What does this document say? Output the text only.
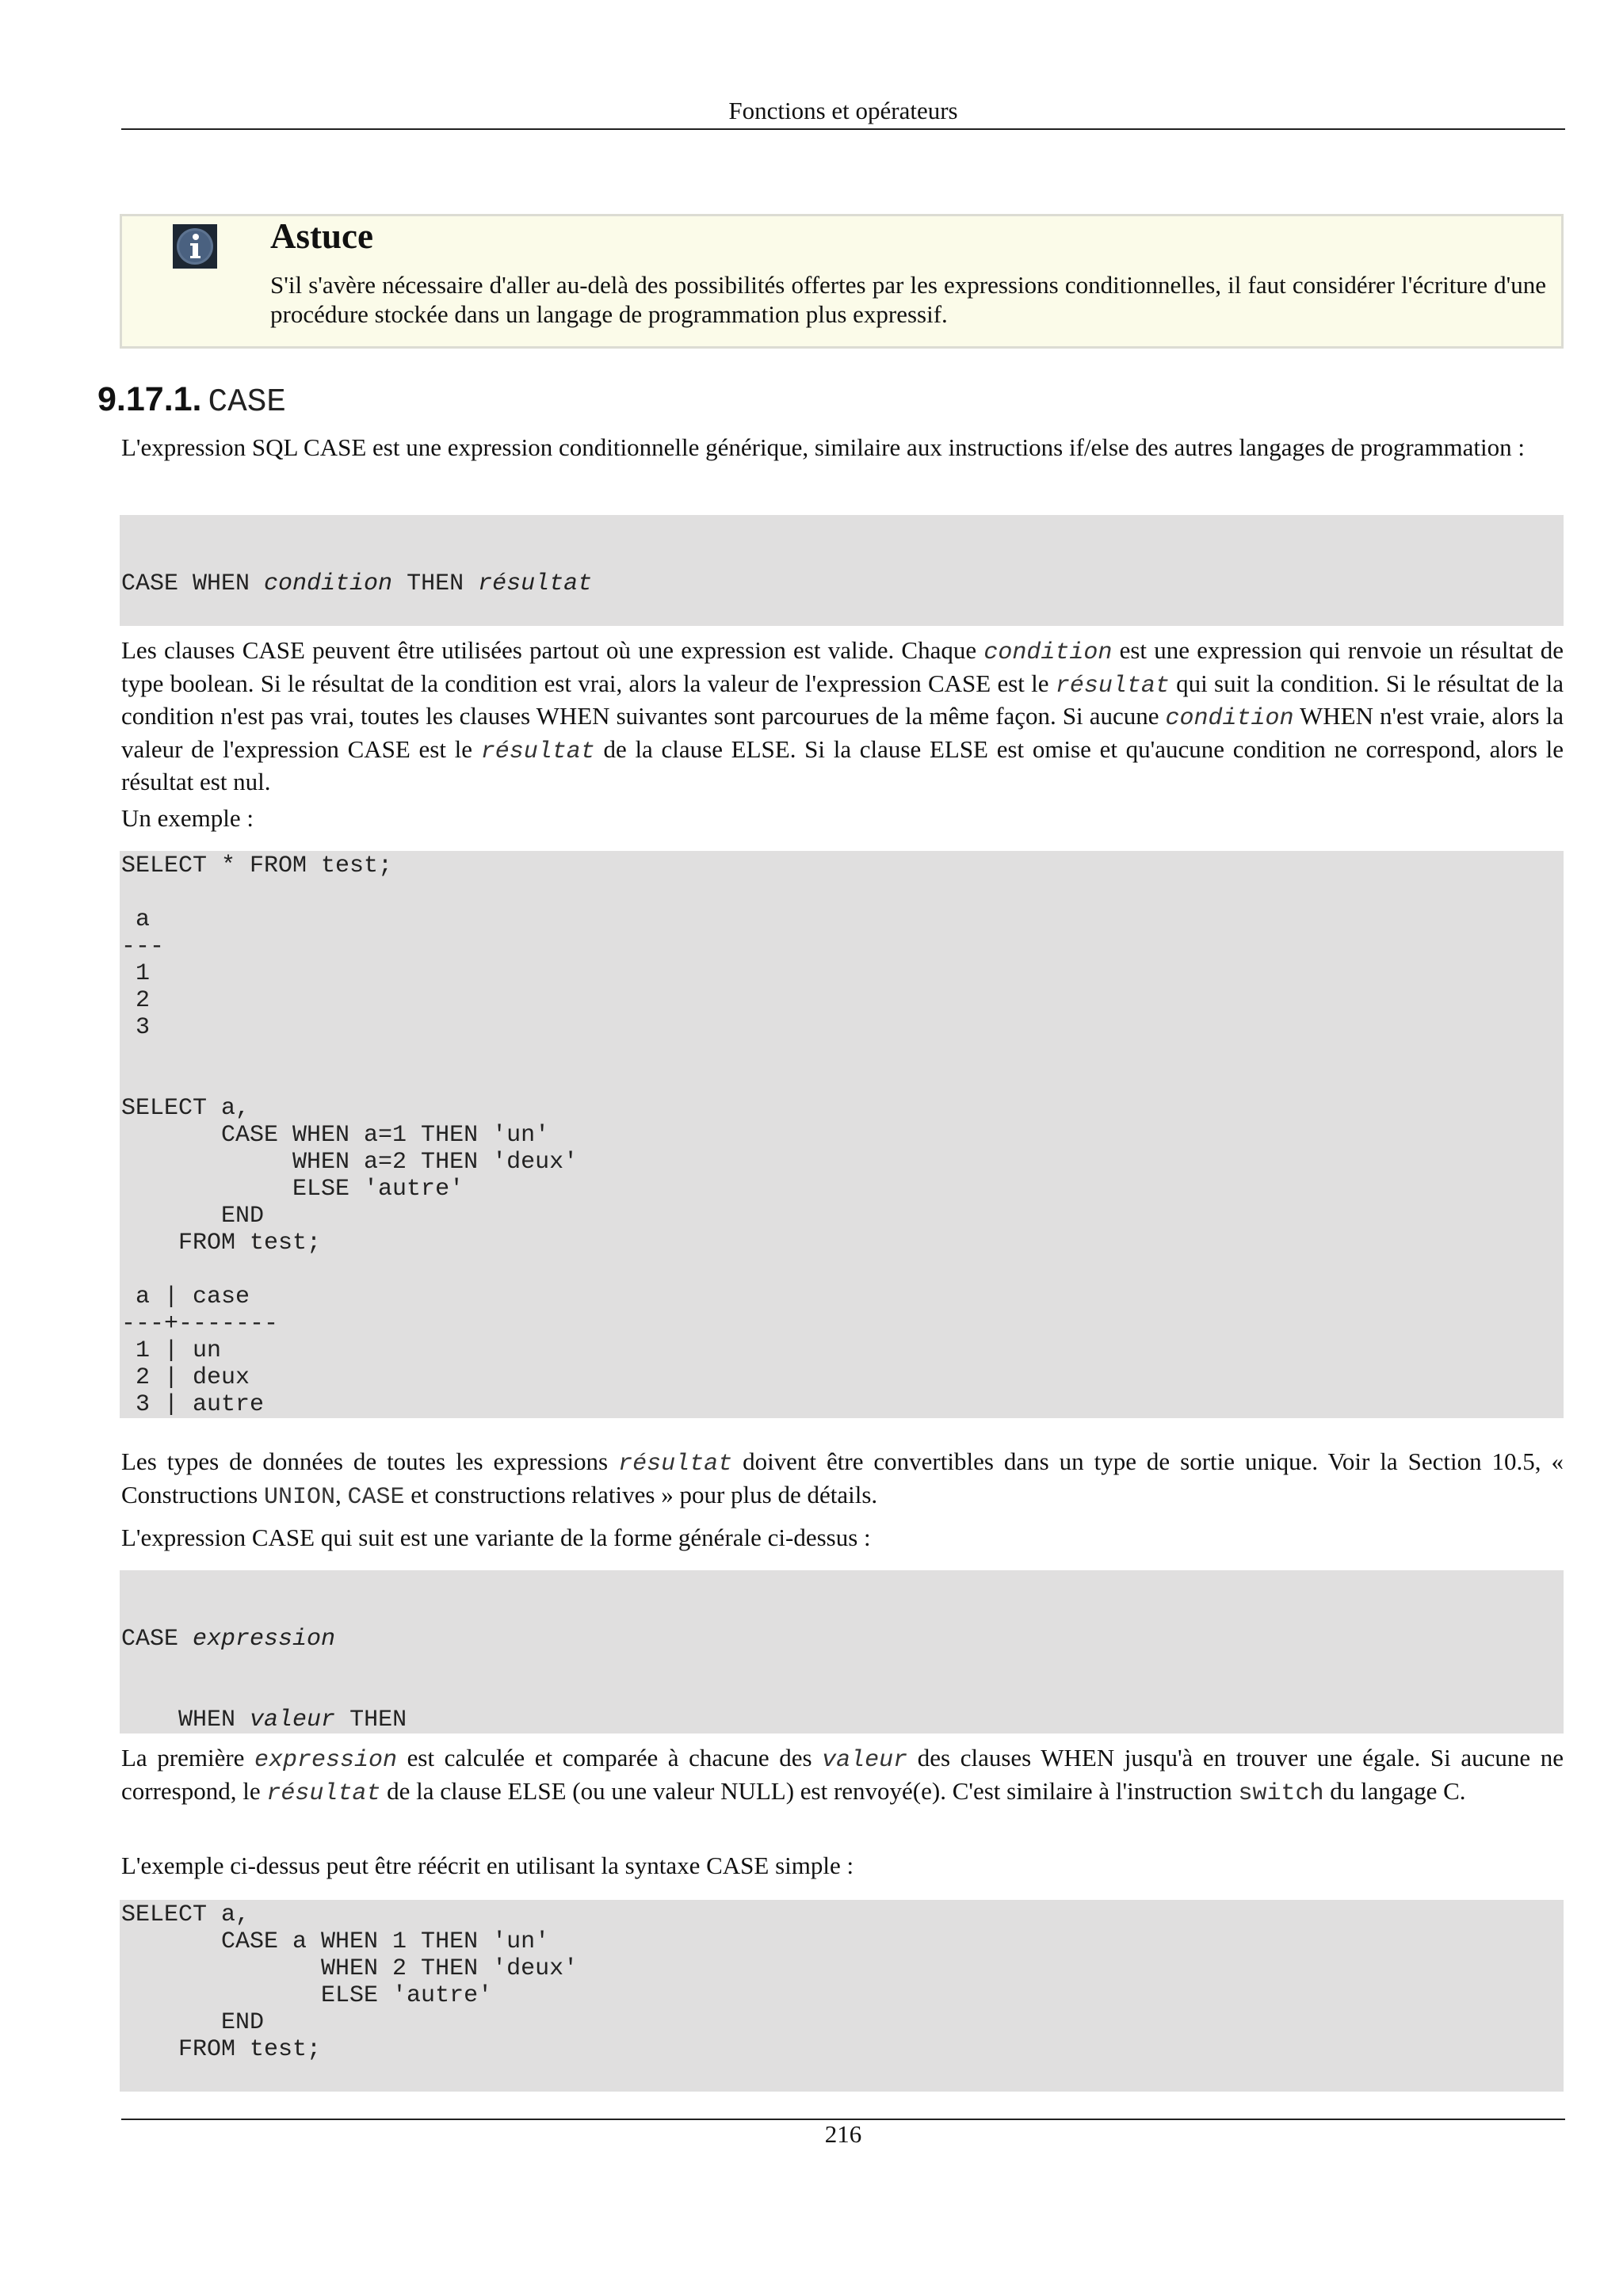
Fonctions et opérateurs
Astuce

S'il s'avère nécessaire d'aller au-delà des possibilités offertes par les expressions conditionnelles, il faut considérer l'écriture d'une procédure stockée dans un langage de programmation plus expressif.

9.17.1. CASE

L'expression SQL CASE est une expression conditionnelle générique, similaire aux instructions if/else des autres langages de programmation :

CASE WHEN condition THEN résultat

Les clauses CASE peuvent être utilisées partout où une expression est valide. Chaque condition est une expression qui renvoie un résultat de type boolean. Si le résultat de la condition est vrai, alors la valeur de l'expression CASE est le résultat qui suit la condition. Si le résultat de la condition n'est pas vrai, toutes les clauses WHEN suivantes sont parcourues de la même façon. Si aucune condition WHEN n'est vraie, alors la valeur de l'expression CASE est le résultat de la clause ELSE. Si la clause ELSE est omise et qu'aucune condition ne correspond, alors le résultat est nul.

Un exemple :

SELECT * FROM test;
a
---
1
2
3
SELECT a,
CASE WHEN a=1 THEN 'un'
WHEN a=2 THEN 'deux'
ELSE 'autre'
END
FROM test;
a | case
---+-------
1 | un
2 | deux
3 | autre

Les types de données de toutes les expressions résultat doivent être convertibles dans un type de sortie unique. Voir la Section 10.5, « Constructions UNION, CASE et constructions relatives » pour plus de détails.

L'expression CASE qui suit est une variante de la forme générale ci-dessus :

CASE expression

WHEN valeur THEN

La première expression est calculée et comparée à chacune des valeur des clauses WHEN jusqu'à en trouver une égale. Si aucune ne correspond, le résultat de la clause ELSE (ou une valeur NULL) est renvoyé(e). C'est similaire à l'instruction switch du langage C.

L'exemple ci-dessus peut être réécrit en utilisant la syntaxe CASE simple :

SELECT a,
CASE a WHEN 1 THEN 'un'
WHEN 2 THEN 'deux'
ELSE 'autre'
END
FROM test;
216
